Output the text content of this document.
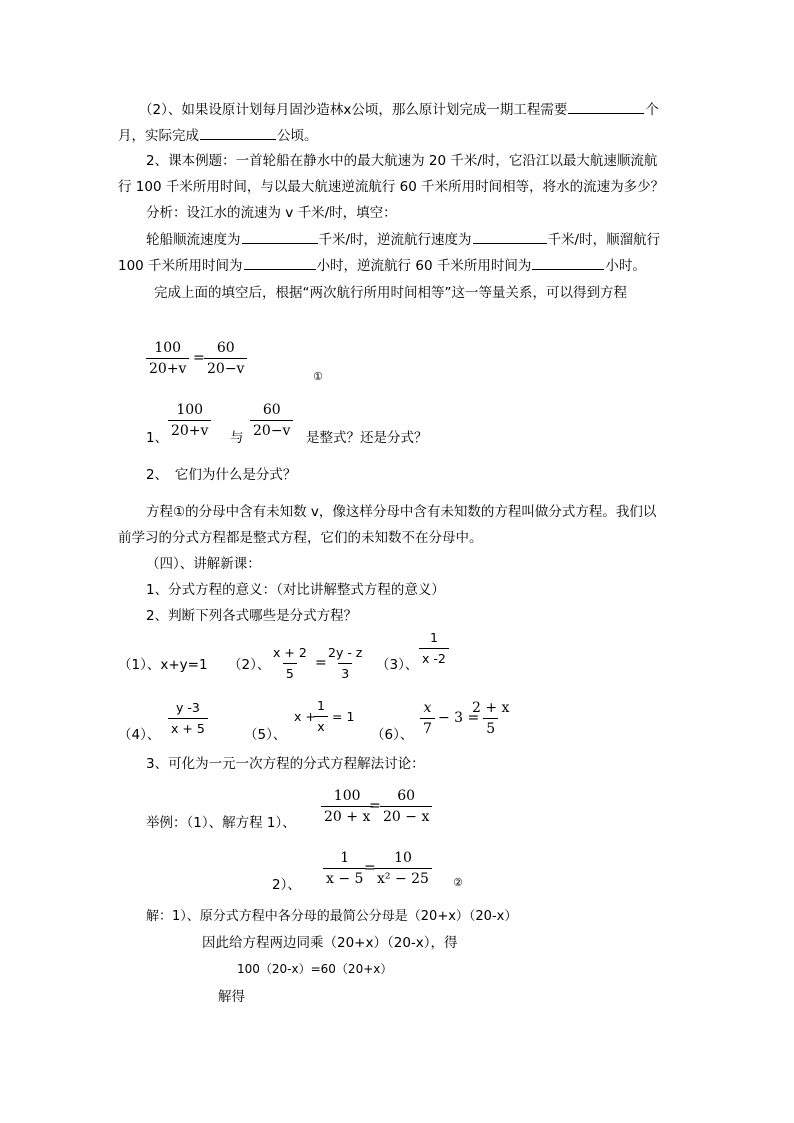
（2）、如果设原计划每月固沙造林x公顷，那么原计划完成一期工程需要	个
月，实际完成	公顷。
2、课本例题：一首轮船在静水中的最大航速为 20 千米/时，它沿江以最大航速顺流航
行 100 千米所用时间，与以最大航速逆流航行 60 千米所用时间相等，将水的流速为多少？
分析：设江水的流速为 v 千米/时，填空：
轮船顺流速度为	千米/时，逆流航行速度为	千米/时，顺溜航行
100 千米所用时间为	小时，逆流航行 60 千米所用时间为	小时。
完成上面的填空后，根据“两次航行所用时间相等”这一等量关系，可以得到方程
$\frac{100}{20+v} = \frac{60}{20-v}$	①
1、 $\frac{100}{20+v}$ 与 $\frac{60}{20-v}$ 是整式？还是分式？
2、　它们为什么是分式？
方程①的分母中含有未知数 v，像这样分母中含有未知数的方程叫做分式方程。我们以
前学习的分式方程都是整式方程，它们的未知数不在分母中。
（四）、讲解新课：
1、分式方程的意义：（对比讲解整式方程的意义）
2、判断下列各式哪些是分式方程？
（1）、x+y=1 （2）、 $\frac{x + 2}{5}$ =
$\frac{2y - z}{3} (3)$、 $\frac{1}{x -2}$
（4）、 $\frac{y -3}{x + 5}$	（5）、
x +
$\frac{1}{x} = 1$
（6）、 $\frac{x}{7} - 3$ =
$\frac{2 + x}{5}$
3、可化为一元一次方程的分式方程解法讨论：
举例：（1）、解方程 1）、 $\frac{100}{20 + x}$
= $\frac{60}{20 - x}$
2）、 $\frac{1}{x - 5}$
=
$\frac{10}{\text{x² − 25}}$ ②
解：1）、原分式方程中各分母的最简公分母是（20+x）（20-x）
因此给方程两边同乘（20+x）（20-x），得
100（20-x）=60（20+x）
解得
